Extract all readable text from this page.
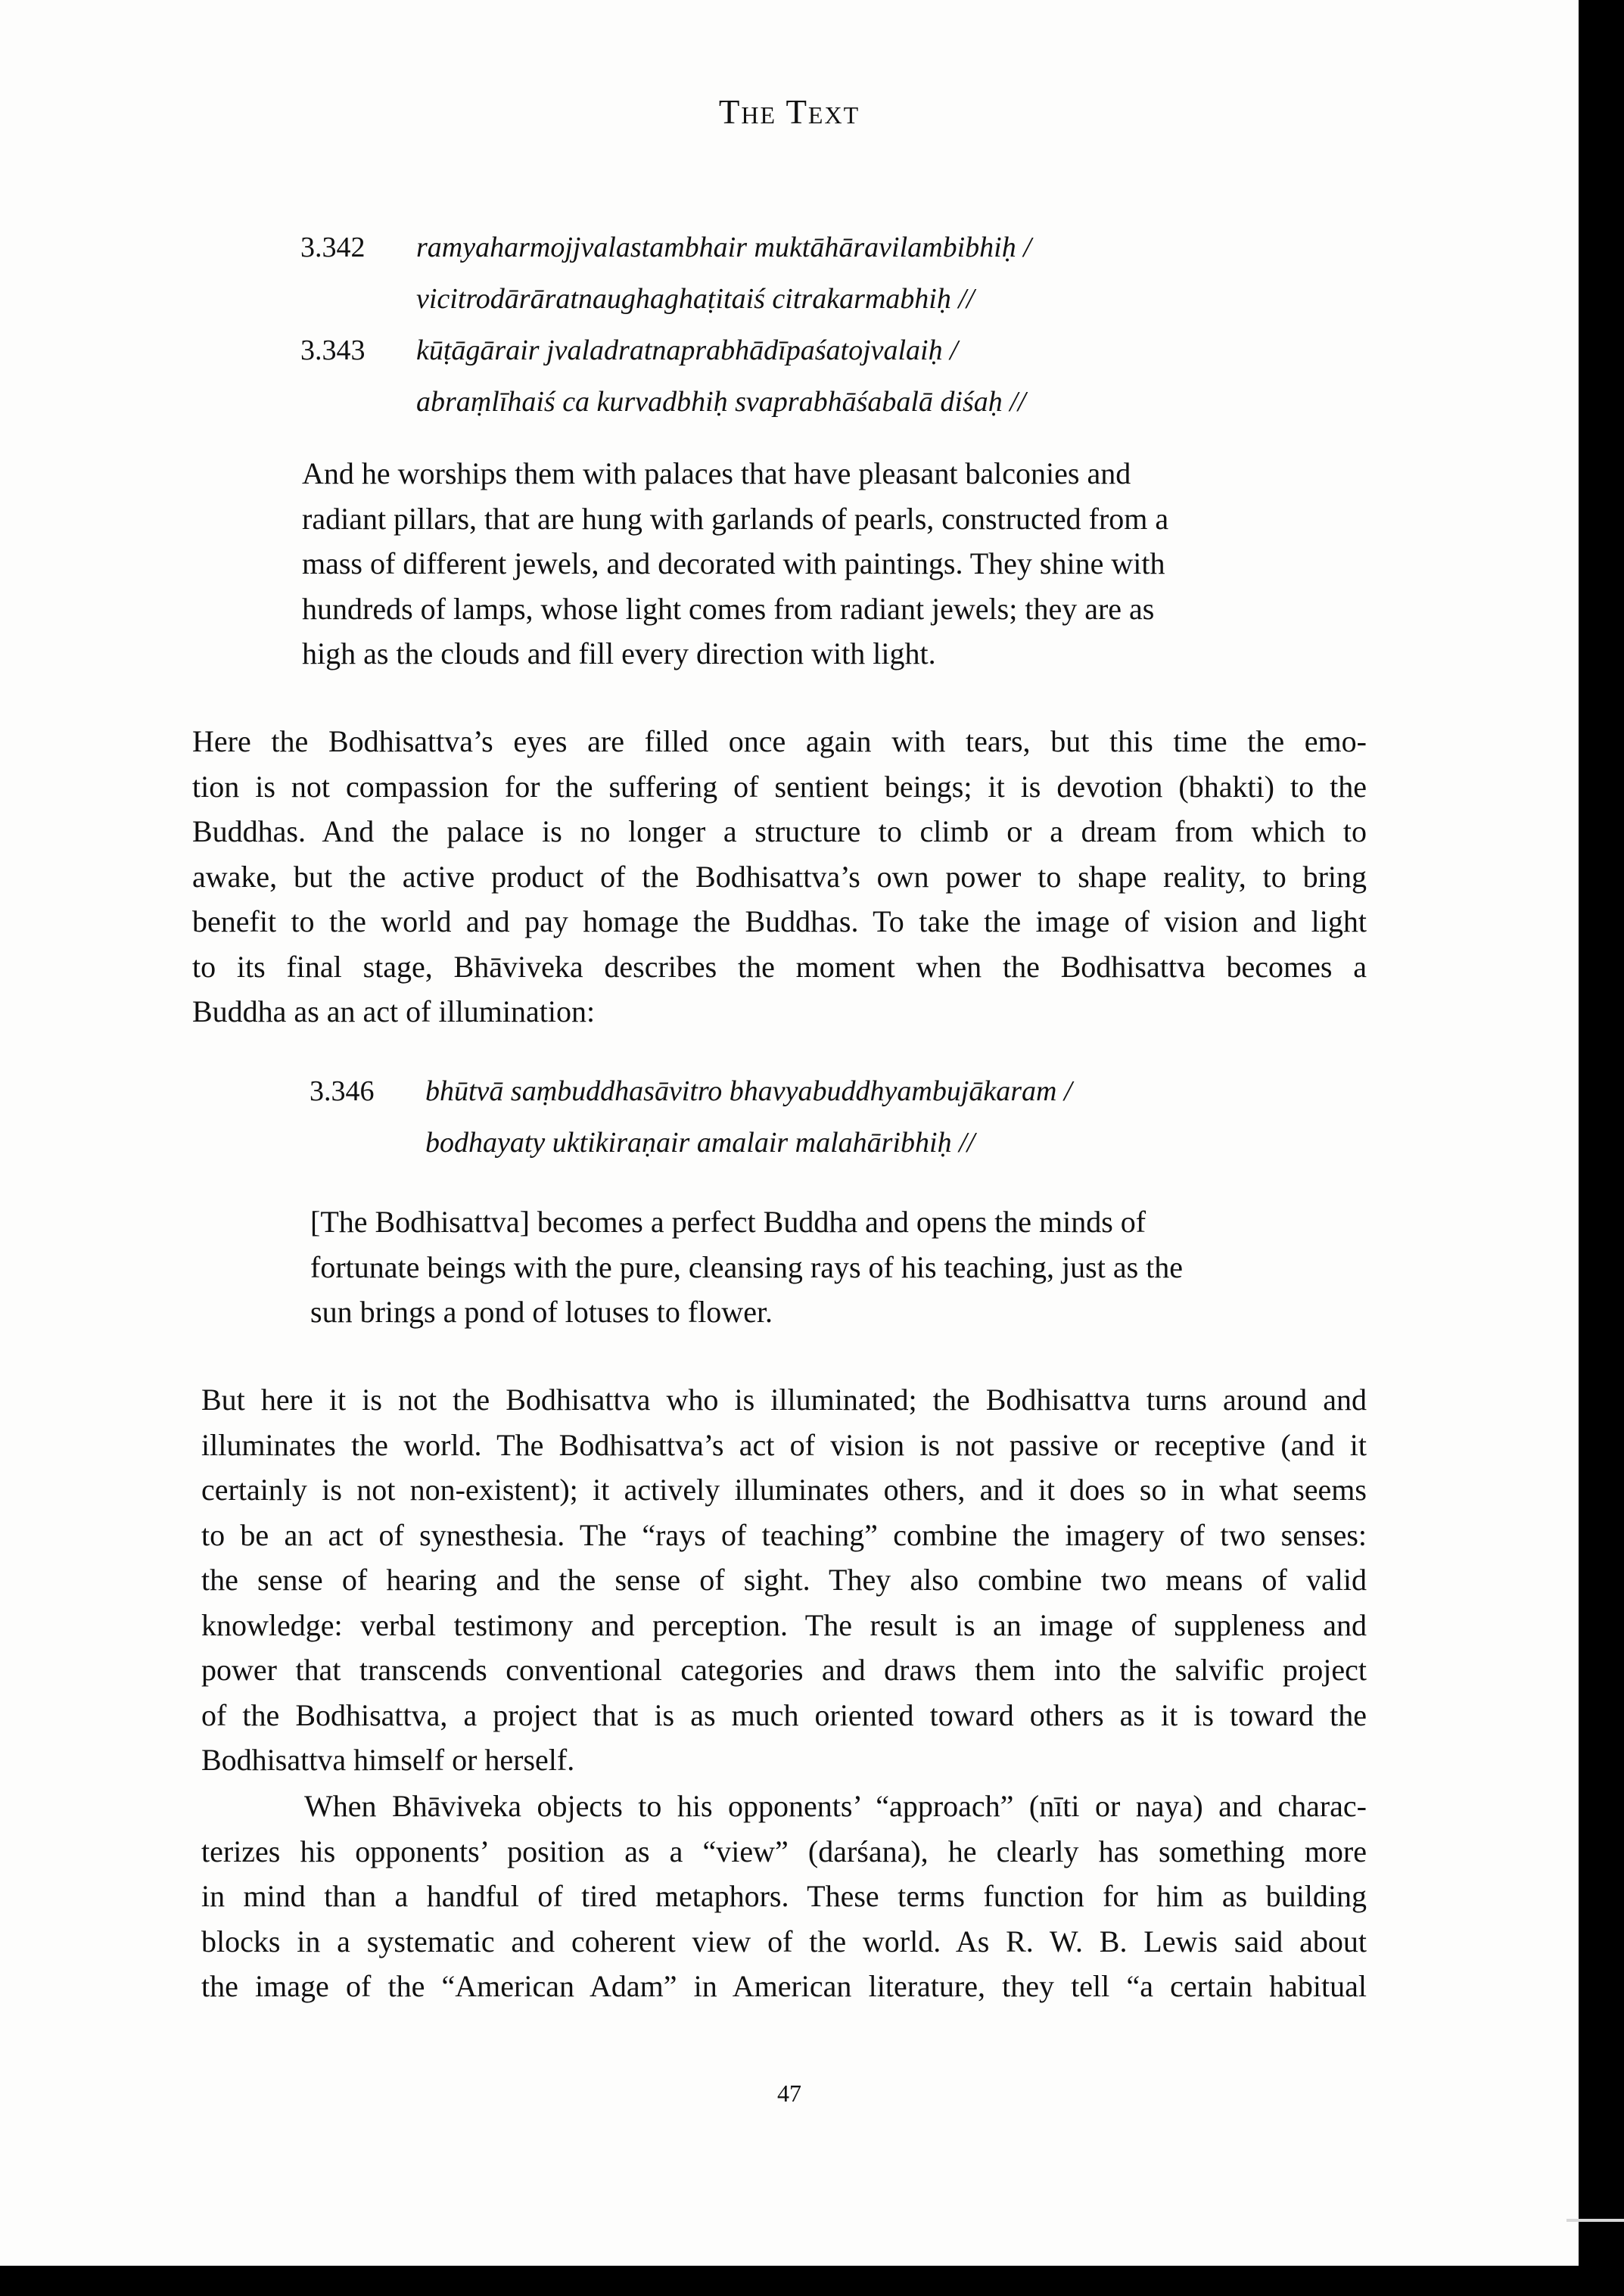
The Text
3.342 ramyaharmojjvalastambhair muktāhāravilambibhiḥ /
vicitrodārāratnaughaghaṭitaiś citrakarmabhiḥ //
3.343 kūṭāgārair jvaladratnaprabhādīpaśatojvalaiḥ /
abraṃlīhaiś ca kurvadbhiḥ svaprabhāśabalā diśaḥ //
And he worships them with palaces that have pleasant balconies and
radiant pillars, that are hung with garlands of pearls, constructed from a
mass of different jewels, and decorated with paintings. They shine with
hundreds of lamps, whose light comes from radiant jewels; they are as
high as the clouds and fill every direction with light.
Here the Bodhisattva’s eyes are filled once again with tears, but this time the emo-
tion is not compassion for the suffering of sentient beings; it is devotion (bhakti) to the
Buddhas. And the palace is no longer a structure to climb or a dream from which to
awake, but the active product of the Bodhisattva’s own power to shape reality, to bring
benefit to the world and pay homage the Buddhas. To take the image of vision and light
to its final stage, Bhāviveka describes the moment when the Bodhisattva becomes a
Buddha as an act of illumination:
3.346 bhūtvā saṃbuddhasāvitro bhavyabuddhyambujākaram /
bodhayaty uktikiraṇair amalair malahāribhiḥ //
[The Bodhisattva] becomes a perfect Buddha and opens the minds of
fortunate beings with the pure, cleansing rays of his teaching, just as the
sun brings a pond of lotuses to flower.
But here it is not the Bodhisattva who is illuminated; the Bodhisattva turns around and
illuminates the world. The Bodhisattva’s act of vision is not passive or receptive (and it
certainly is not non-existent); it actively illuminates others, and it does so in what seems
to be an act of synesthesia. The “rays of teaching” combine the imagery of two senses:
the sense of hearing and the sense of sight. They also combine two means of valid
knowledge: verbal testimony and perception. The result is an image of suppleness and
power that transcends conventional categories and draws them into the salvific project
of the Bodhisattva, a project that is as much oriented toward others as it is toward the
Bodhisattva himself or herself.
When Bhāviveka objects to his opponents’ “approach” (nīti or naya) and charac-
terizes his opponents’ position as a “view” (darśana), he clearly has something more
in mind than a handful of tired metaphors. These terms function for him as building
blocks in a systematic and coherent view of the world. As R. W. B. Lewis said about
the image of the “American Adam” in American literature, they tell “a certain habitual
47
